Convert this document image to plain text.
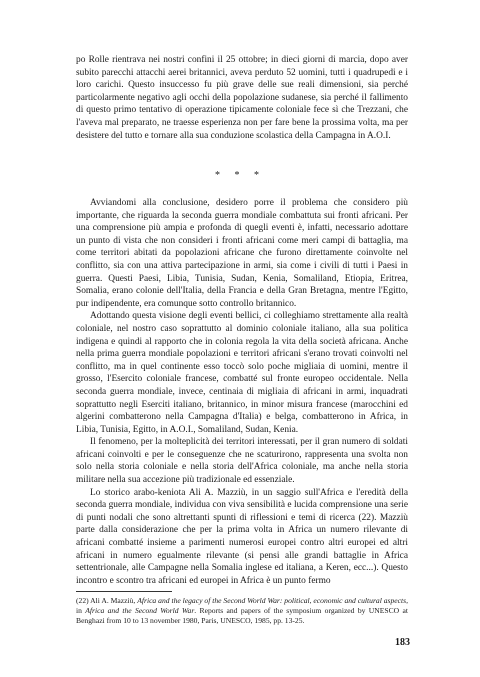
po Rolle rientrava nei nostri confini il 25 ottobre; in dieci giorni di marcia, dopo aver subito parecchi attacchi aerei britannici, aveva perduto 52 uomini, tutti i quadrupedi e i loro carichi. Questo insuccesso fu più grave delle sue reali dimensioni, sia perché particolarmente negativo agli occhi della popolazione sudanese, sia perché il fallimento di questo primo tentativo di operazione tipicamente coloniale fece sì che Trezzani, che l'aveva mal preparato, ne traesse esperienza non per fare bene la prossima volta, ma per desistere del tutto e tornare alla sua conduzione scolastica della Campagna in A.O.I.

* * *

Avviandomi alla conclusione, desidero porre il problema che considero più importante, che riguarda la seconda guerra mondiale combattuta sui fronti africani. Per una comprensione più ampia e profonda di quegli eventi è, infatti, necessario adottare un punto di vista che non consideri i fronti africani come meri campi di battaglia, ma come territori abitati da popolazioni africane che furono direttamente coinvolte nel conflitto, sia con una attiva partecipazione in armi, sia come i civili di tutti i Paesi in guerra. Questi Paesi, Libia, Tunisia, Sudan, Kenia, Somaliland, Etiopia, Eritrea, Somalia, erano colonie dell'Italia, della Francia e della Gran Bretagna, mentre l'Egitto, pur indipendente, era comunque sotto controllo britannico.

Adottando questa visione degli eventi bellici, ci colleghiamo strettamente alla realtà coloniale, nel nostro caso soprattutto al dominio coloniale italiano, alla sua politica indigena e quindi al rapporto che in colonia regola la vita della società africana. Anche nella prima guerra mondiale popolazioni e territori africani s'erano trovati coinvolti nel conflitto, ma in quel continente esso toccò solo poche migliaia di uomini, mentre il grosso, l'Esercito coloniale francese, combatté sul fronte europeo occidentale. Nella seconda guerra mondiale, invece, centinaia di migliaia di africani in armi, inquadrati soprattutto negli Eserciti italiano, britannico, in minor misura francese (marocchini ed algerini combatterono nella Campagna d'Italia) e belga, combatterono in Africa, in Libia, Tunisia, Egitto, in A.O.I., Somaliland, Sudan, Kenia.

Il fenomeno, per la molteplicità dei territori interessati, per il gran numero di soldati africani coinvolti e per le conseguenze che ne scaturirono, rappresenta una svolta non solo nella storia coloniale e nella storia dell'Africa coloniale, ma anche nella storia militare nella sua accezione più tradizionale ed essenziale.

Lo storico arabo-keniota Ali A. Mazziù, in un saggio sull'Africa e l'eredità della seconda guerra mondiale, individua con viva sensibilità e lucida comprensione una serie di punti nodali che sono altrettanti spunti di riflessioni e temi di ricerca (22). Mazziù parte dalla considerazione che per la prima volta in Africa un numero rilevante di africani combatté insieme a parimenti numerosi europei contro altri europei ed altri africani in numero egualmente rilevante (si pensi alle grandi battaglie in Africa settentrionale, alle Campagne nella Somalia inglese ed italiana, a Keren, ecc...). Questo incontro e scontro tra africani ed europei in Africa è un punto fermo

(22) Ali A. Mazziù, Africa and the legacy of the Second World War: political, economic and cultural aspects, in Africa and the Second World War. Reports and papers of the symposium organized by UNESCO at Benghazi from 10 to 13 november 1980, Paris, UNESCO, 1985, pp. 13-25.
183
